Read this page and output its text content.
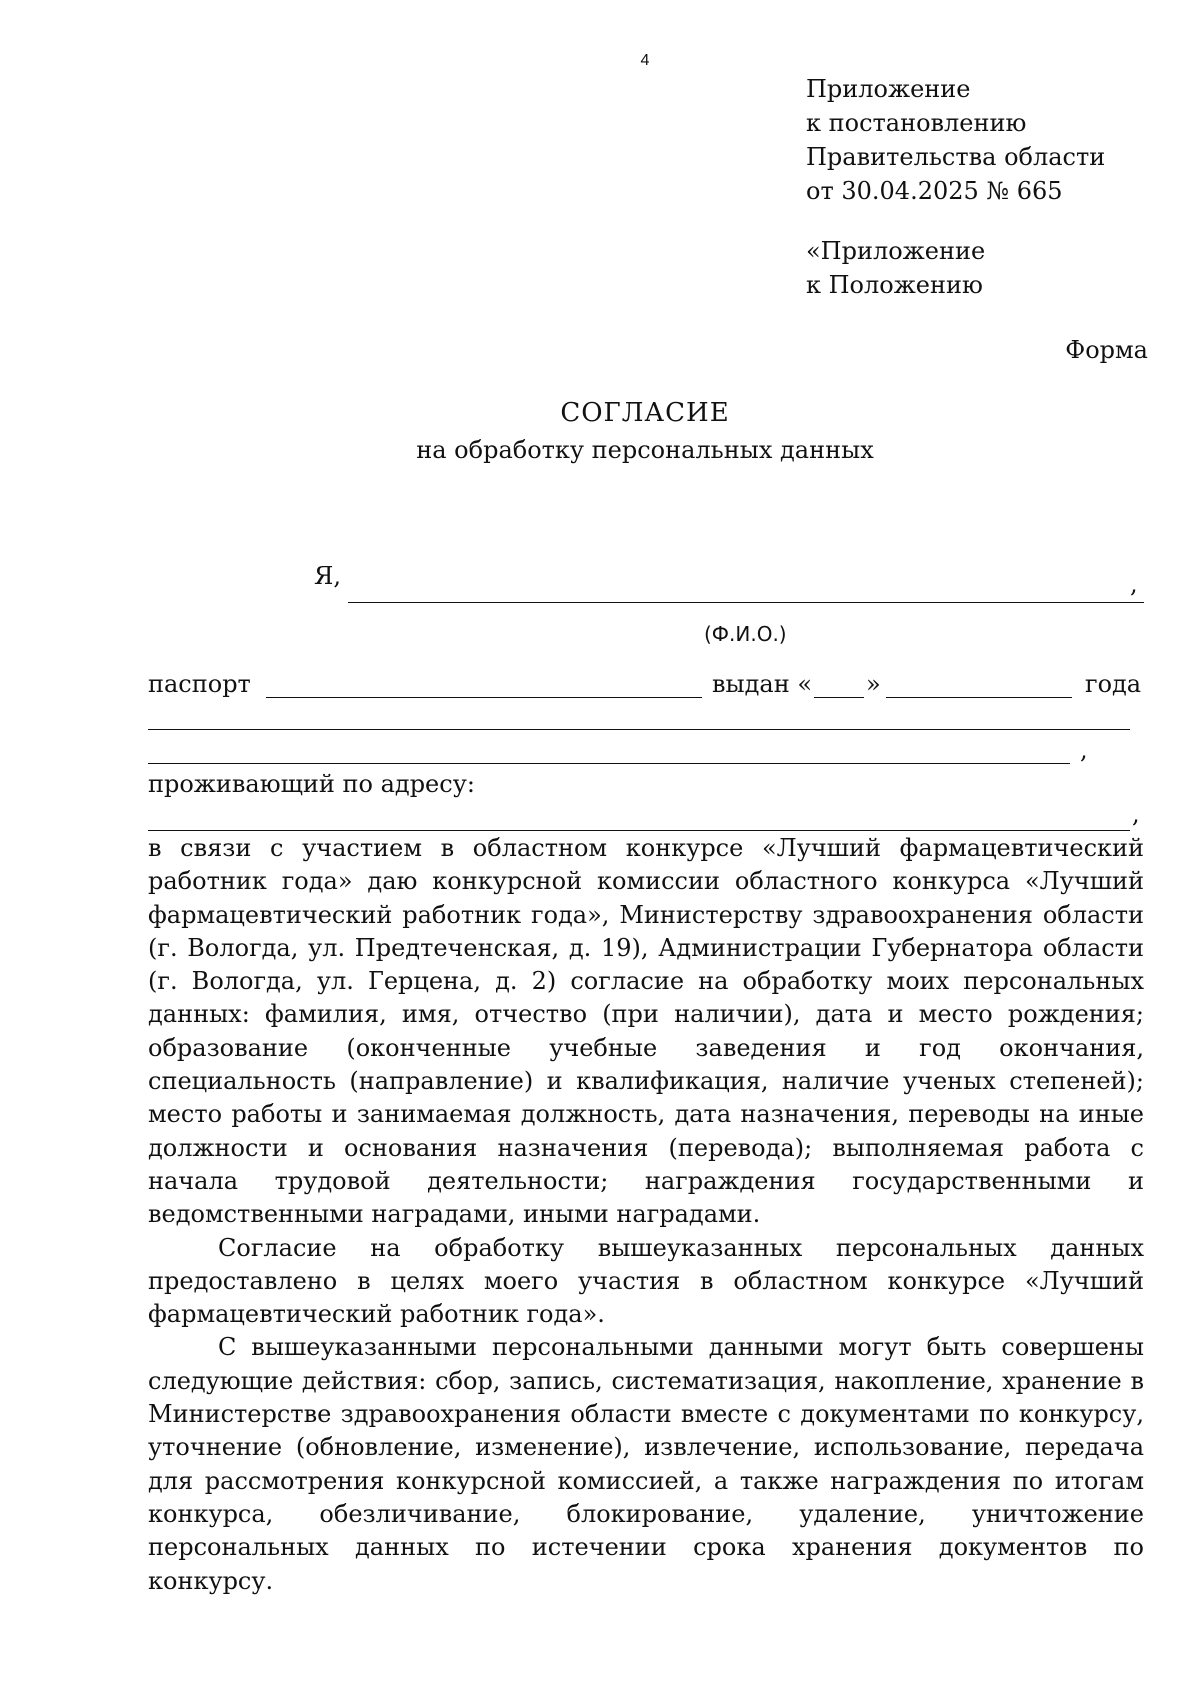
4
Приложение
к постановлению
Правительства области
от 30.04.2025 № 665
«Приложение
к Положению
Форма
СОГЛАСИЕ
на обработку персональных данных
Я,	,
(Ф.И.О.)
паспорт	выдан « »	года
,
проживающий по адресу:
,

в связи с участием в областном конкурсе «Лучший фармацевтический работник года» даю конкурсной комиссии областного конкурса «Лучший фармацевтический работник года», Министерству здравоохранения области (г. Вологда, ул. Предтеченская, д. 19), Администрации Губернатора области (г. Вологда, ул. Герцена, д. 2) согласие на обработку моих персональных данных: фамилия, имя, отчество (при наличии), дата и место рождения; образование (оконченные учебные заведения и год окончания, специальность (направление) и квалификация, наличие ученых степеней); место работы и занимаемая должность, дата назначения, переводы на иные должности и основания назначения (перевода); выполняемая работа с начала трудовой деятельности; награждения государственными и ведомственными наградами, иными наградами.

Согласие на обработку вышеуказанных персональных данных предоставлено в целях моего участия в областном конкурсе «Лучший фармацевтический работник года».

С вышеуказанными персональными данными могут быть совершены следующие действия: сбор, запись, систематизация, накопление, хранение в Министерстве здравоохранения области вместе с документами по конкурсу, уточнение (обновление, изменение), извлечение, использование, передача для рассмотрения конкурсной комиссией, а также награждения по итогам конкурса, обезличивание, блокирование, удаление, уничтожение персональных данных по истечении срока хранения документов по конкурсу.
